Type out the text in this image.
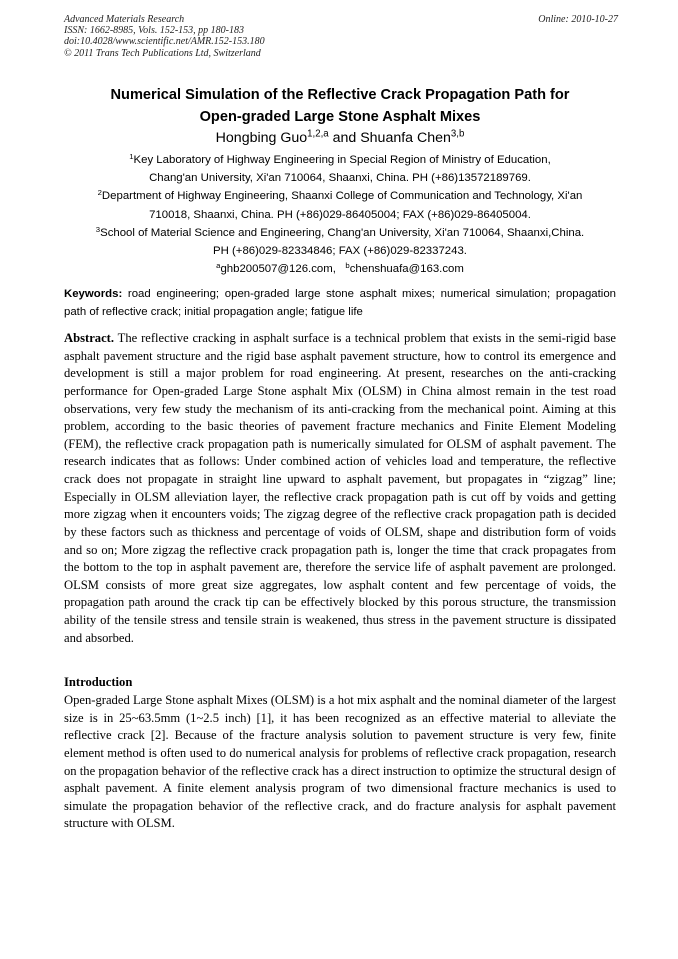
Advanced Materials Research
ISSN: 1662-8985, Vols. 152-153, pp 180-183
doi:10.4028/www.scientific.net/AMR.152-153.180
© 2011 Trans Tech Publications Ltd, Switzerland
Online: 2010-10-27
Numerical Simulation of the Reflective Crack Propagation Path for
Open-graded Large Stone Asphalt Mixes
Hongbing Guo$^{1,2,a}$ and Shuanfa Chen$^{3,b}$
$^1$Key Laboratory of Highway Engineering in Special Region of Ministry of Education,
Chang'an University, Xi'an 710064, Shaanxi, China. PH (+86)13572189769.
$^2$Department of Highway Engineering, Shaanxi College of Communication and Technology, Xi'an
710018, Shaanxi, China. PH (+86)029-86405004; FAX (+86)029-86405004.
$^3$School of Material Science and Engineering, Chang'an University, Xi'an 710064, Shaanxi,China.
PH (+86)029-82334846; FAX (+86)029-82337243.
$^a$ghb200507@126.com, $^b$chenshuafa@163.com
Keywords: road engineering; open-graded large stone asphalt mixes; numerical simulation; propagation path of reflective crack; initial propagation angle; fatigue life
Abstract. The reflective cracking in asphalt surface is a technical problem that exists in the semi-rigid base asphalt pavement structure and the rigid base asphalt pavement structure, how to control its emergence and development is still a major problem for road engineering. At present, researches on the anti-cracking performance for Open-graded Large Stone asphalt Mix (OLSM) in China almost remain in the test road observations, very few study the mechanism of its anti-cracking from the mechanical point. Aiming at this problem, according to the basic theories of pavement fracture mechanics and Finite Element Modeling (FEM), the reflective crack propagation path is numerically simulated for OLSM of asphalt pavement. The research indicates that as follows: Under combined action of vehicles load and temperature, the reflective crack does not propagate in straight line upward to asphalt pavement, but propagates in “zigzag” line; Especially in OLSM alleviation layer, the reflective crack propagation path is cut off by voids and getting more zigzag when it encounters voids; The zigzag degree of the reflective crack propagation path is decided by these factors such as thickness and percentage of voids of OLSM, shape and distribution form of voids and so on; More zigzag the reflective crack propagation path is, longer the time that crack propagates from the bottom to the top in asphalt pavement are, therefore the service life of asphalt pavement are prolonged. OLSM consists of more great size aggregates, low asphalt content and few percentage of voids, the propagation path around the crack tip can be effectively blocked by this porous structure, the transmission ability of the tensile stress and tensile strain is weakened, thus stress in the pavement structure is dissipated and absorbed.
Introduction
Open-graded Large Stone asphalt Mixes (OLSM) is a hot mix asphalt and the nominal diameter of the largest size is in 25~63.5mm (1~2.5 inch) [1], it has been recognized as an effective material to alleviate the reflective crack [2]. Because of the fracture analysis solution to pavement structure is very few, finite element method is often used to do numerical analysis for problems of reflective crack propagation, research on the propagation behavior of the reflective crack has a direct instruction to optimize the structural design of asphalt pavement. A finite element analysis program of two dimensional fracture mechanics is used to simulate the propagation behavior of the reflective crack, and do fracture analysis for asphalt pavement structure with OLSM.
